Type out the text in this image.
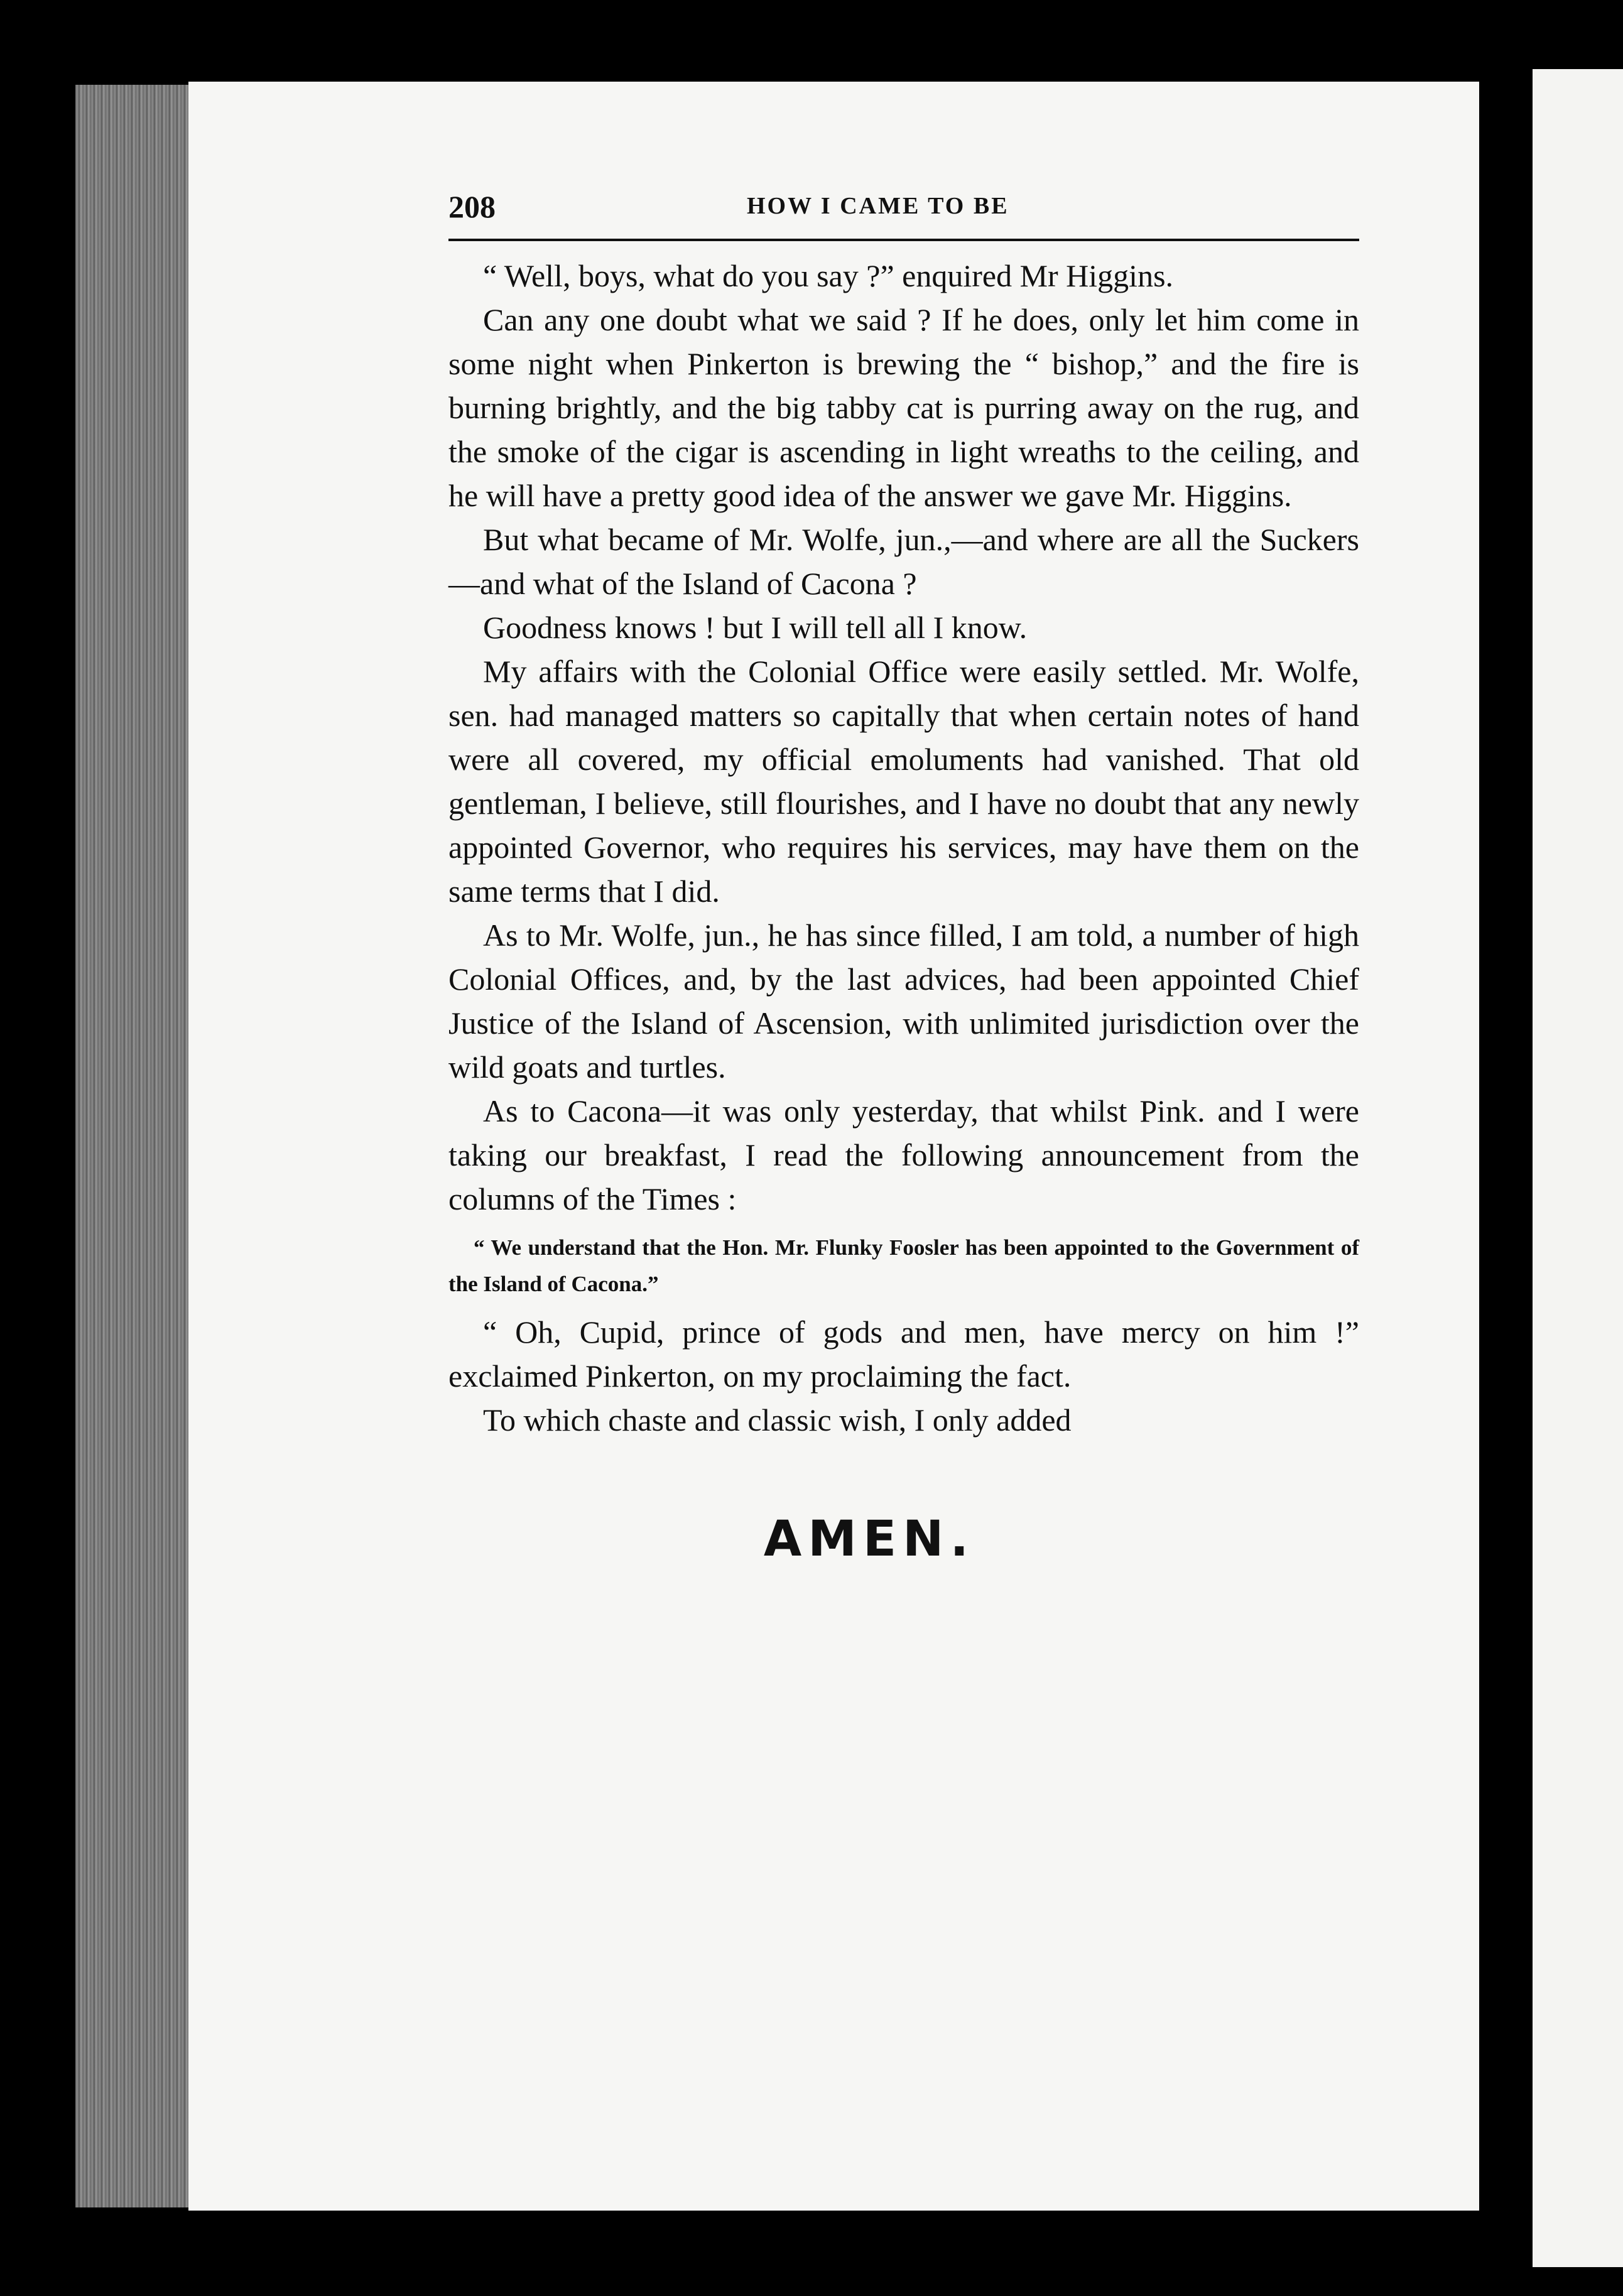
208	HOW I CAME TO BE

“ Well, boys, what do you say ?” enquired Mr Higgins.

Can any one doubt what we said ? If he does, only let him come in some night when Pinkerton is brewing the “ bishop,” and the fire is burning brightly, and the big tabby cat is purring away on the rug, and the smoke of the cigar is ascending in light wreaths to the ceiling, and he will have a pretty good idea of the answer we gave Mr. Higgins.

But what became of Mr. Wolfe, jun.,—and where are all the Suckers—and what of the Island of Cacona ?

Goodness knows ! but I will tell all I know.

My affairs with the Colonial Office were easily settled. Mr. Wolfe, sen. had managed matters so capitally that when certain notes of hand were all covered, my official emoluments had vanished. That old gentleman, I believe, still flourishes, and I have no doubt that any newly appointed Governor, who requires his services, may have them on the same terms that I did.

As to Mr. Wolfe, jun., he has since filled, I am told, a number of high Colonial Offices, and, by the last advices, had been appointed Chief Justice of the Island of Ascension, with unlimited jurisdiction over the wild goats and turtles.

As to Cacona—it was only yesterday, that whilst Pink. and I were taking our breakfast, I read the following announcement from the columns of the Times :

“ We understand that the Hon. Mr. Flunky Foosler has been appointed to the Government of the Island of Cacona.”

“ Oh, Cupid, prince of gods and men, have mercy on him !” exclaimed Pinkerton, on my proclaiming the fact.

To which chaste and classic wish, I only added

AMEN.
